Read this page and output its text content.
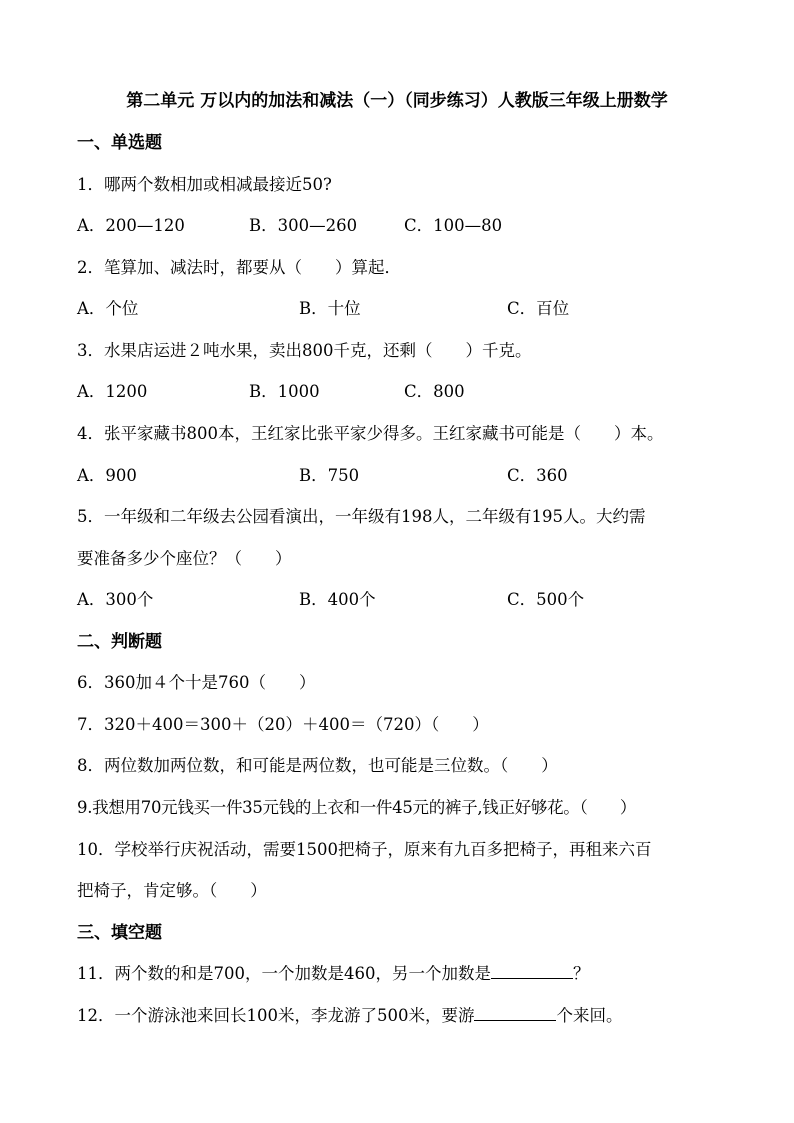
第二单元 万以内的加法和减法（一）（同步练习）人教版三年级上册数学
一、单选题
1．哪两个数相加或相减最接近50?
A．200—120	B．300—260	C．100—80
2．笔算加、减法时，都要从（　　）算起．
A．个位	B．十位	C．百位
3．水果店运进２吨水果，卖出800千克，还剩（　　）千克。
A．1200	B．1000	C．800
4．张平家藏书800本，王红家比张平家少得多。王红家藏书可能是（　　）本。
A．900	B．750	C．360
5．一年级和二年级去公园看演出，一年级有198人，二年级有195人。大约需
要准备多少个座位？（　　）
A．300个	B．400个	C．500个
二、判断题
6．360加４个十是760（　　）
7．320＋400＝300＋（20）＋400＝（720）（　　）
8．两位数加两位数，和可能是两位数，也可能是三位数。（　　）
9.我想用70元钱买一件35元钱的上衣和一件45元的裤子,钱正好够花。（　　）
10．学校举行庆祝活动，需要1500把椅子，原来有九百多把椅子，再租来六百
把椅子，肯定够。（　　）
三、填空题
11．两个数的和是700，一个加数是460，另一个加数是	？
12．一个游泳池来回长100米，李龙游了500米，要游	个来回。
